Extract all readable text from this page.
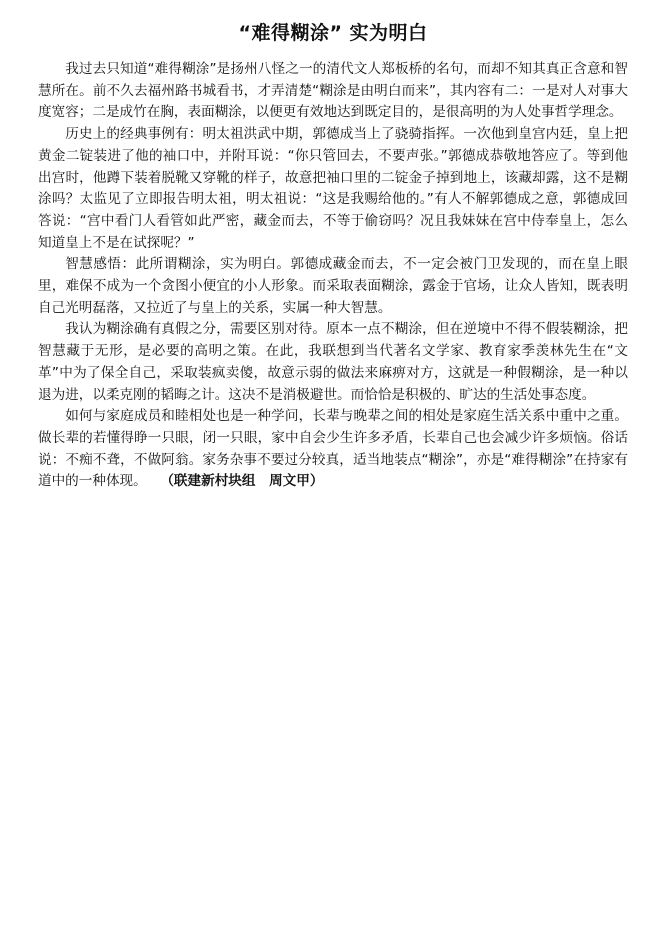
“难得糊涂” 实为明白

我过去只知道“难得糊涂”是扬州八怪之一的清代文人郑板桥的名句，而却不知其真正含意和智慧所在。前不久去福州路书城看书，才弄清楚“糊涂是由明白而来”，其内容有二：一是对人对事大度宽容；二是成竹在胸，表面糊涂，以便更有效地达到既定目的，是很高明的为人处事哲学理念。

历史上的经典事例有：明太祖洪武中期，郭德成当上了骁骑指挥。一次他到皇宫内廷，皇上把黄金二锭装进了他的袖口中，并附耳说：“你只管回去，不要声张。”郭德成恭敬地答应了。等到他出宫时，他蹲下装着脱靴又穿靴的样子，故意把袖口里的二锭金子掉到地上，该藏却露，这不是糊涂吗？太监见了立即报告明太祖，明太祖说：“这是我赐给他的。”有人不解郭德成之意，郭德成回答说：“宫中看门人看管如此严密，藏金而去，不等于偷窃吗？况且我妹妹在宫中侍奉皇上，怎么知道皇上不是在试探呢？”

智慧感悟：此所谓糊涂，实为明白。郭德成藏金而去，不一定会被门卫发现的，而在皇上眼里，难保不成为一个贪图小便宜的小人形象。而采取表面糊涂，露金于官场，让众人皆知，既表明自己光明磊落，又拉近了与皇上的关系，实属一种大智慧。

我认为糊涂确有真假之分，需要区别对待。原本一点不糊涂，但在逆境中不得不假装糊涂，把智慧藏于无形，是必要的高明之策。在此，我联想到当代著名文学家、教育家季羡林先生在“文革”中为了保全自己，采取装疯卖傻，故意示弱的做法来麻痹对方，这就是一种假糊涂，是一种以退为进，以柔克刚的韬晦之计。这决不是消极避世。而恰恰是积极的、旷达的生活处事态度。

如何与家庭成员和睦相处也是一种学问，长辈与晚辈之间的相处是家庭生活关系中重中之重。做长辈的若懂得睁一只眼，闭一只眼，家中自会少生许多矛盾，长辈自己也会减少许多烦恼。俗话说：不痴不聋，不做阿翁。家务杂事不要过分较真，适当地装点“糊涂”，亦是“难得糊涂”在持家有道中的一种体现。　　 （联建新村块组　周文甲）
